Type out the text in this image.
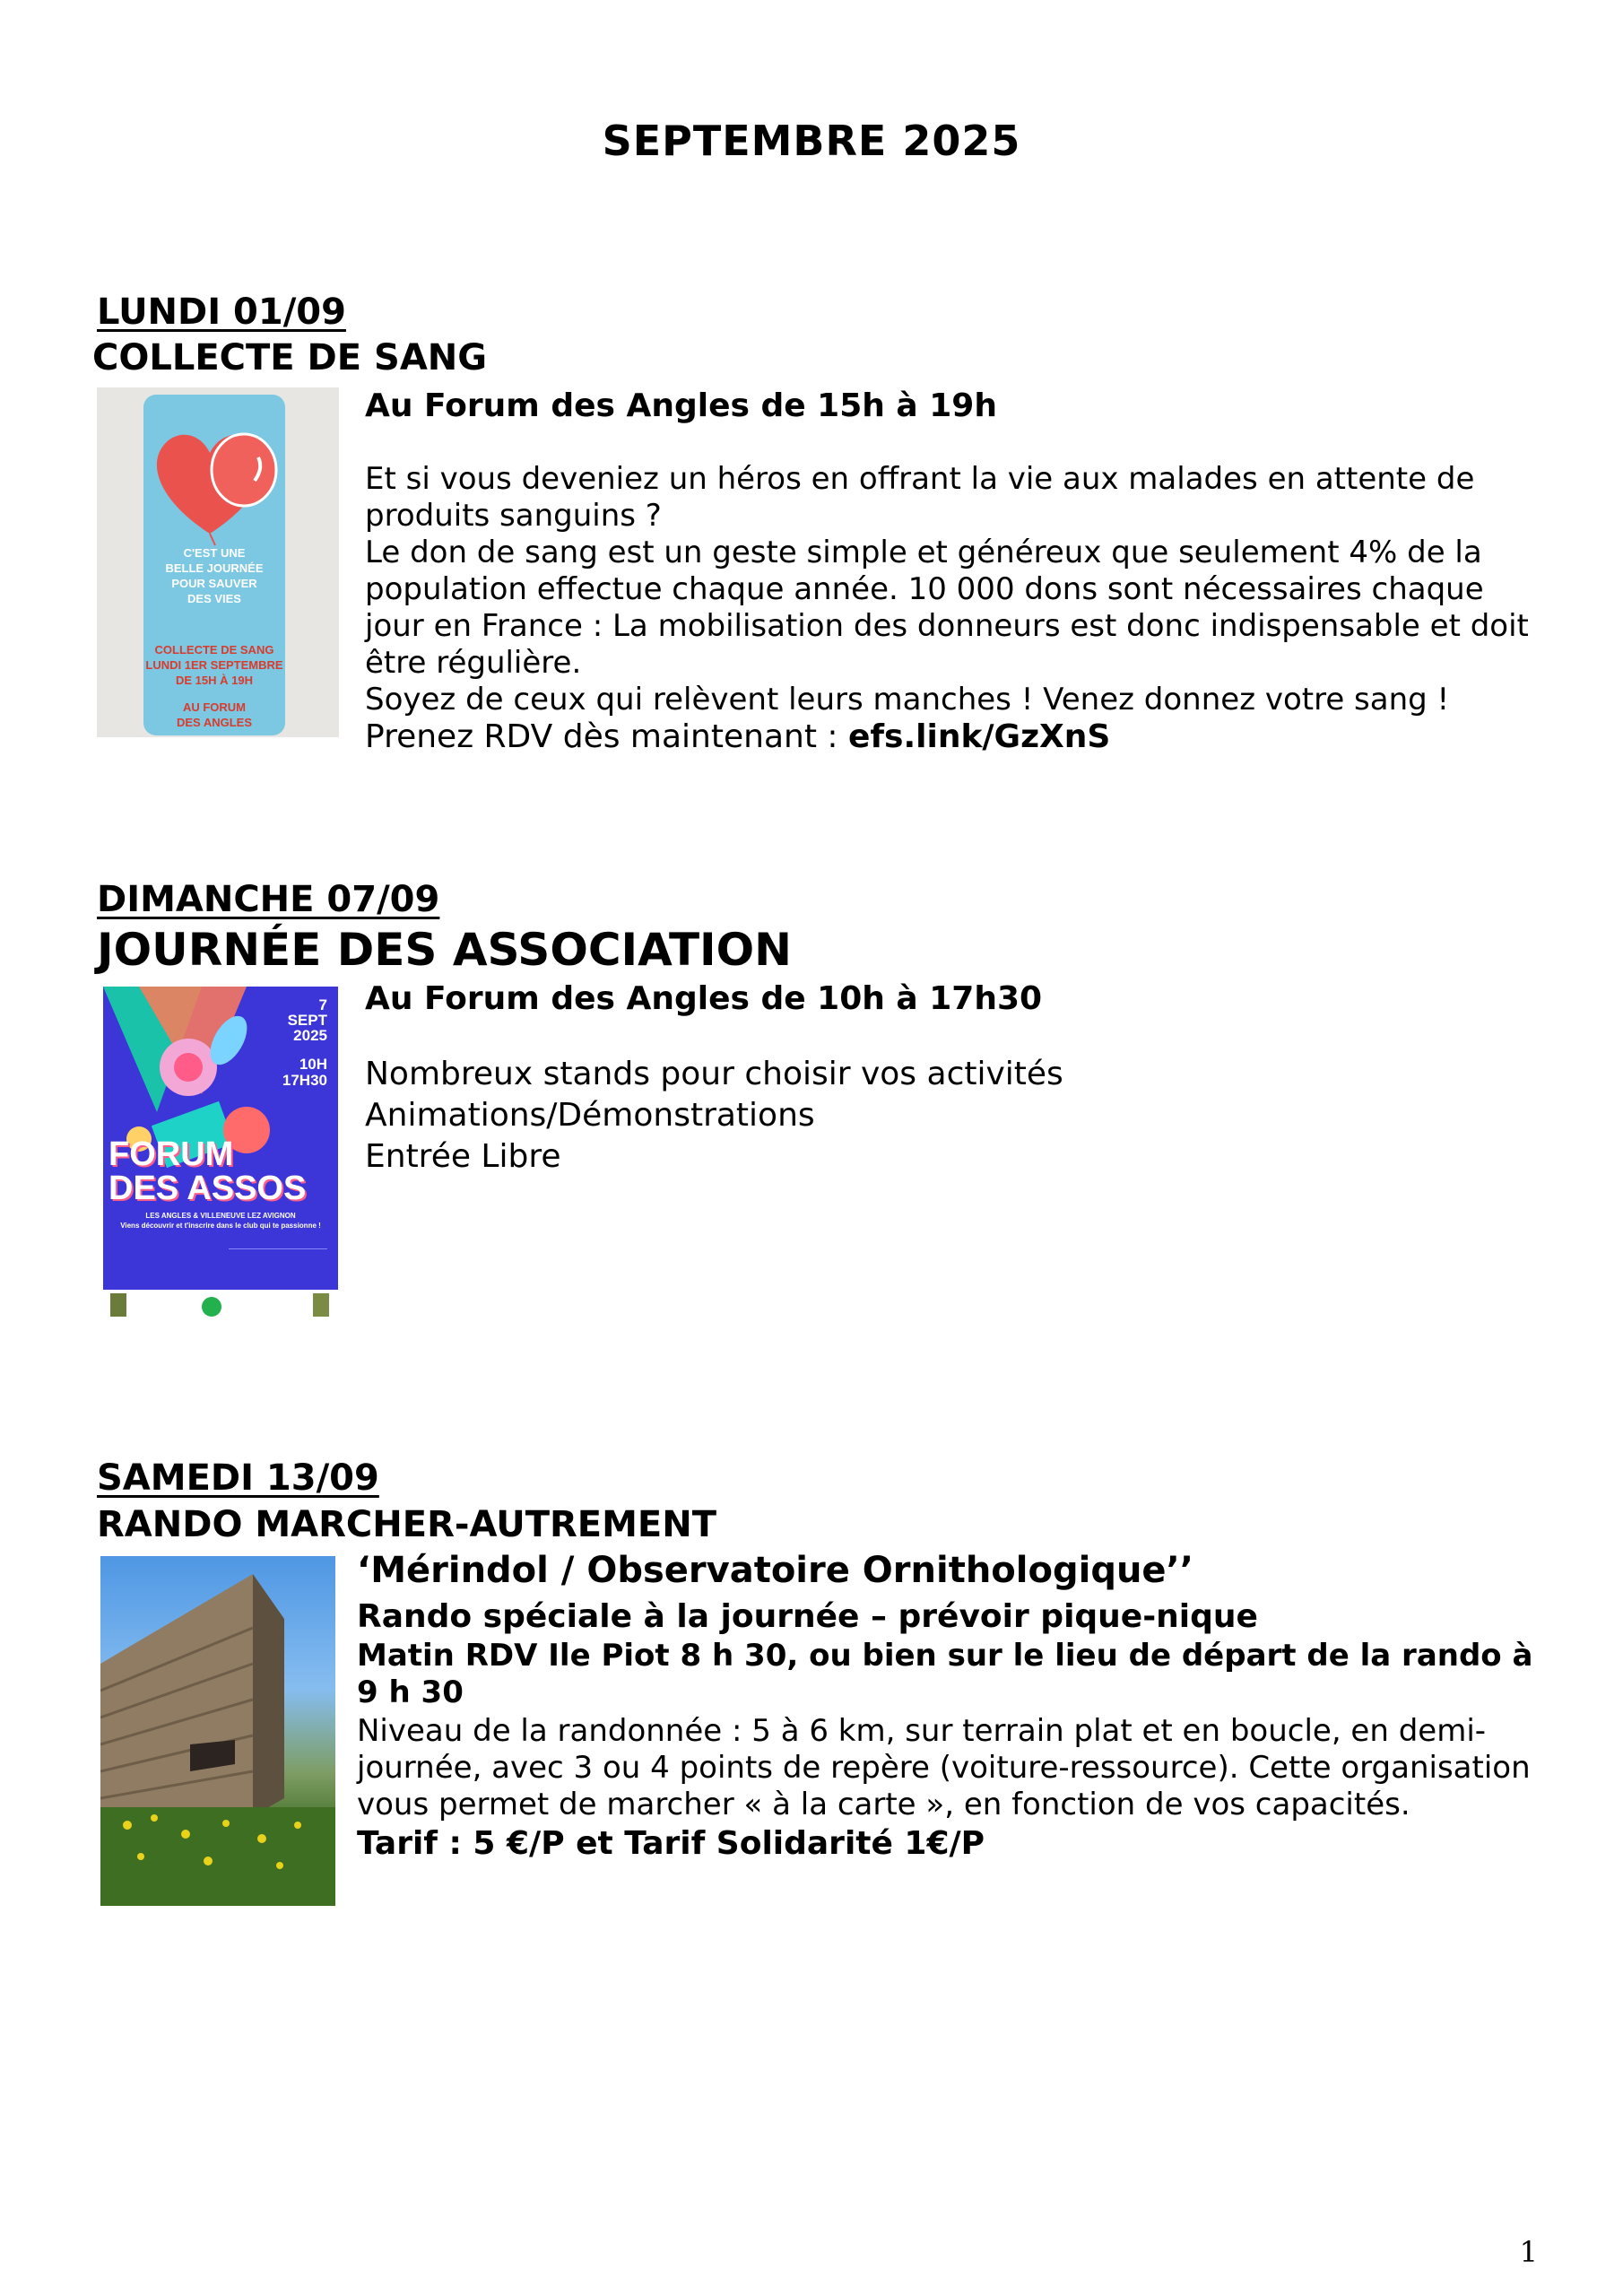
SEPTEMBRE 2025
LUNDI 01/09
COLLECTE DE SANG
C'EST UNE
BELLE JOURNÉE
POUR SAUVER
DES VIES
COLLECTE DE SANG
LUNDI 1ER SEPTEMBRE
DE 15H À 19H
AU FORUM
DES ANGLES
Au Forum des Angles de 15h à 19h
Et si vous deveniez un héros en offrant la vie aux malades en attente de
produits sanguins ?
Le don de sang est un geste simple et généreux que seulement 4% de la
population effectue chaque année. 10 000 dons sont nécessaires chaque
jour en France : La mobilisation des donneurs est donc indispensable et doit
être régulière.
Soyez de ceux qui relèvent leurs manches ! Venez donnez votre sang !
Prenez RDV dès maintenant : efs.link/GzXnS
DIMANCHE 07/09
JOURNÉE DES ASSOCIATION
7
SEPT
2025
10H
17H30
FORUM
DES ASSOS
LES ANGLES & VILLENEUVE LEZ AVIGNON
Viens découvrir et t'inscrire dans le club qui te passionne !
Au Forum des Angles de 10h à 17h30
Nombreux stands pour choisir vos activités
Animations/Démonstrations
Entrée Libre
SAMEDI 13/09
RANDO MARCHER-AUTREMENT
‘Mérindol / Observatoire Ornithologique’’
Rando spéciale à la journée – prévoir pique-nique
Matin RDV Ile Piot 8 h 30, ou bien sur le lieu de départ de la rando à
9 h 30
Niveau de la randonnée : 5 à 6 km, sur terrain plat et en boucle, en demi-
journée, avec 3 ou 4 points de repère (voiture-ressource). Cette organisation
vous permet de marcher « à la carte », en fonction de vos capacités.
Tarif : 5 €/P et Tarif Solidarité 1€/P
1
